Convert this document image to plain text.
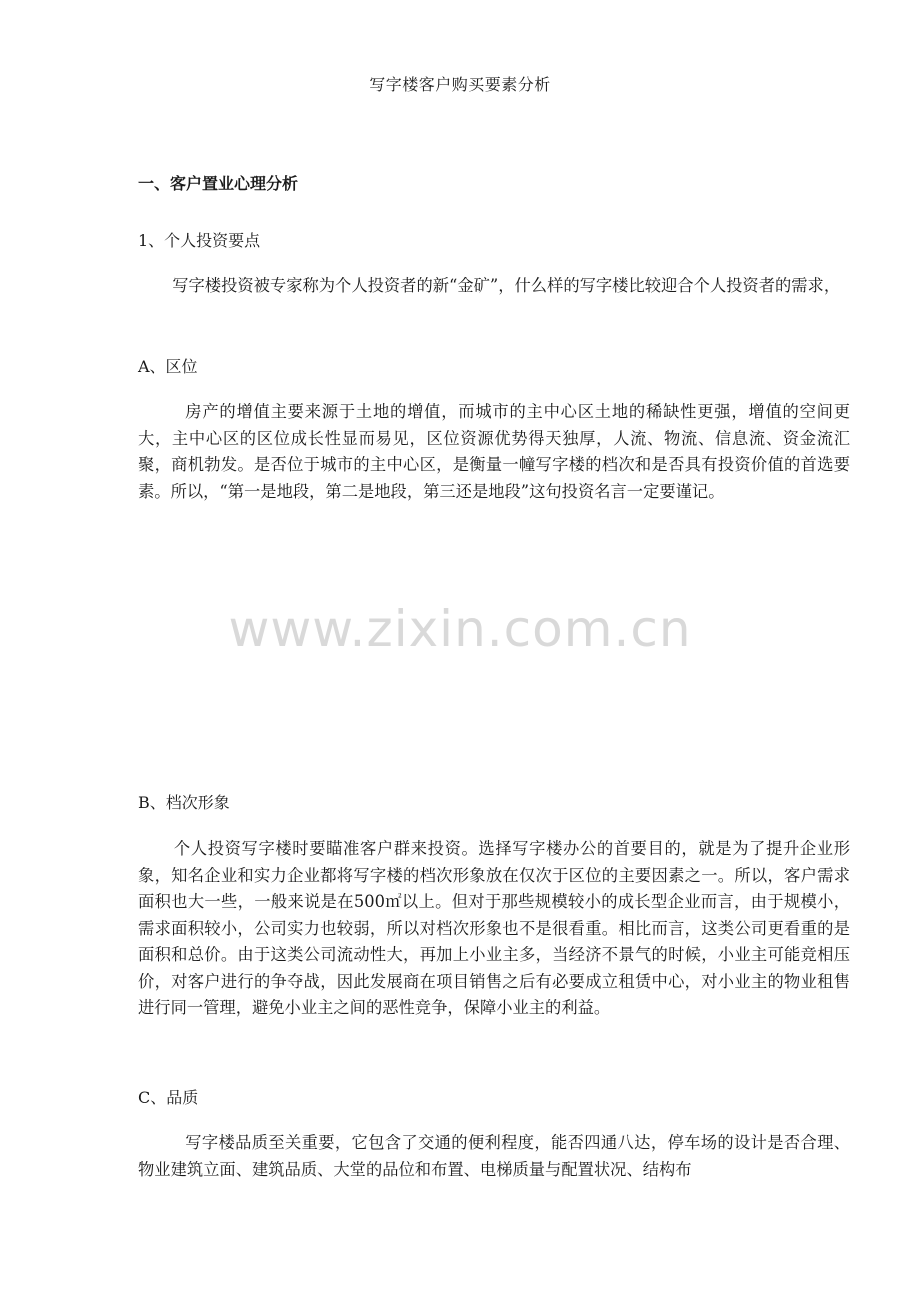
写字楼客户购买要素分析
一、客户置业心理分析
1、个人投资要点

写字楼投资被专家称为个人投资者的新“金矿”，什么样的写字楼比较迎合个人投资者的需求，

A、区位

房产的增值主要来源于土地的增值，而城市的主中心区土地的稀缺性更强，增值的空间更大，主中心区的区位成长性显而易见，区位资源优势得天独厚，人流、物流、信息流、资金流汇聚，商机勃发。是否位于城市的主中心区，是衡量一幢写字楼的档次和是否具有投资价值的首选要素。所以，“第一是地段，第二是地段，第三还是地段”这句投资名言一定要谨记。

www.zixin.com.cn
B、档次形象

个人投资写字楼时要瞄准客户群来投资。选择写字楼办公的首要目的，就是为了提升企业形象，知名企业和实力企业都将写字楼的档次形象放在仅次于区位的主要因素之一。所以，客户需求面积也大一些，一般来说是在500㎡以上。但对于那些规模较小的成长型企业而言，由于规模小，需求面积较小，公司实力也较弱，所以对档次形象也不是很看重。相比而言，这类公司更看重的是面积和总价。由于这类公司流动性大，再加上小业主多，当经济不景气的时候，小业主可能竞相压价，对客户进行的争夺战，因此发展商在项目销售之后有必要成立租赁中心，对小业主的物业租售进行同一管理，避免小业主之间的恶性竞争，保障小业主的利益。

C、品质

写字楼品质至关重要，它包含了交通的便利程度，能否四通八达，停车场的设计是否合理、物业建筑立面、建筑品质、大堂的品位和布置、电梯质量与配置状况、结构布
